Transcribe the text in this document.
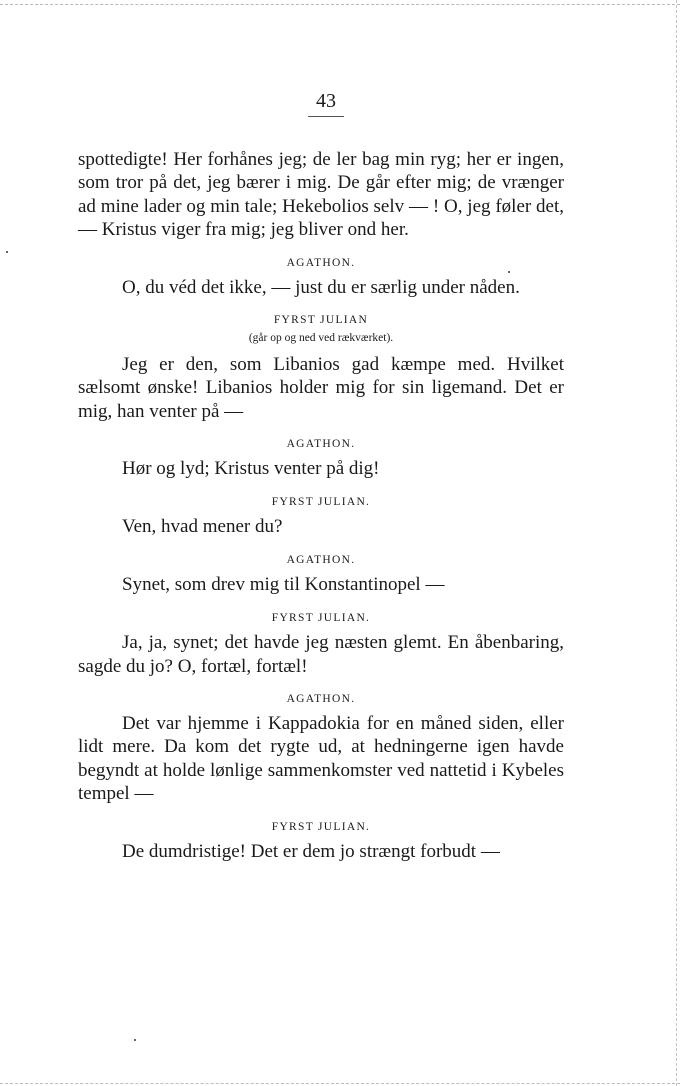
43

spottedigte! Her forhånes jeg; de ler bag min ryg; her er ingen, som tror på det, jeg bærer i mig. De går efter mig; de vrænger ad mine lader og min tale; Hekebolios selv — ! O, jeg føler det, — Kristus viger fra mig; jeg bliver ond her.

AGATHON.

O, du véd det ikke, — just du er særlig under nåden.

FYRST JULIAN
(går op og ned ved rækværket).

Jeg er den, som Libanios gad kæmpe med. Hvilket sælsomt ønske! Libanios holder mig for sin ligemand. Det er mig, han venter på —

AGATHON.

Hør og lyd; Kristus venter på dig!

FYRST JULIAN.

Ven, hvad mener du?

AGATHON.

Synet, som drev mig til Konstantinopel —

FYRST JULIAN.

Ja, ja, synet; det havde jeg næsten glemt. En åbenbaring, sagde du jo? O, fortæl, fortæl!

AGATHON.

Det var hjemme i Kappadokia for en måned siden, eller lidt mere. Da kom det rygte ud, at hedningerne igen havde begyndt at holde lønlige sammenkomster ved nattetid i Kybeles tempel —

FYRST JULIAN.

De dumdristige! Det er dem jo strængt forbudt —
